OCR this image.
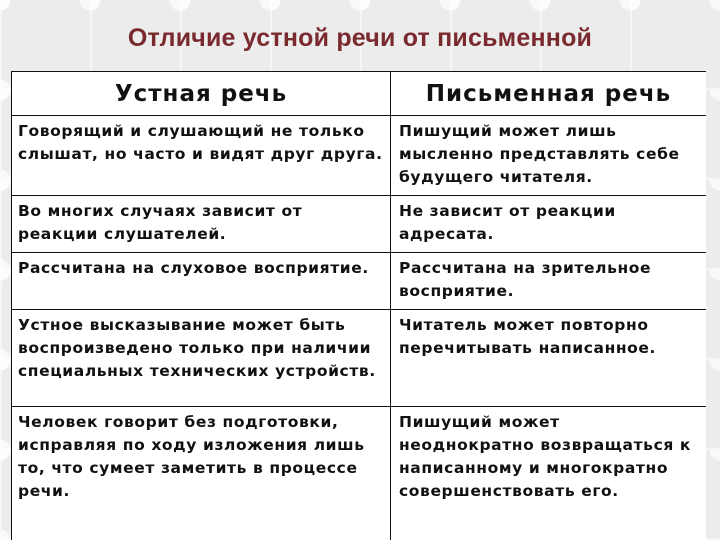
Отличие устной речи от письменной
Устная речь	Письменная речь
Говорящий и слушающий не только слышат, но часто и видят друг друга.	Пишущий может лишь мысленно представлять себе будущего читателя.
Во многих случаях зависит от реакции слушателей.	Не зависит от реакции адресата.
Рассчитана на слуховое восприятие.	Рассчитана на зрительное восприятие.
Устное высказывание может быть воспроизведено только при наличии специальных технических устройств.	Читатель может повторно перечитывать написанное.
Человек говорит без подготовки, исправляя по ходу изложения лишь то, что сумеет заметить в процессе речи.	Пишущий может неоднократно возвращаться к написанному и многократно совершенствовать его.
